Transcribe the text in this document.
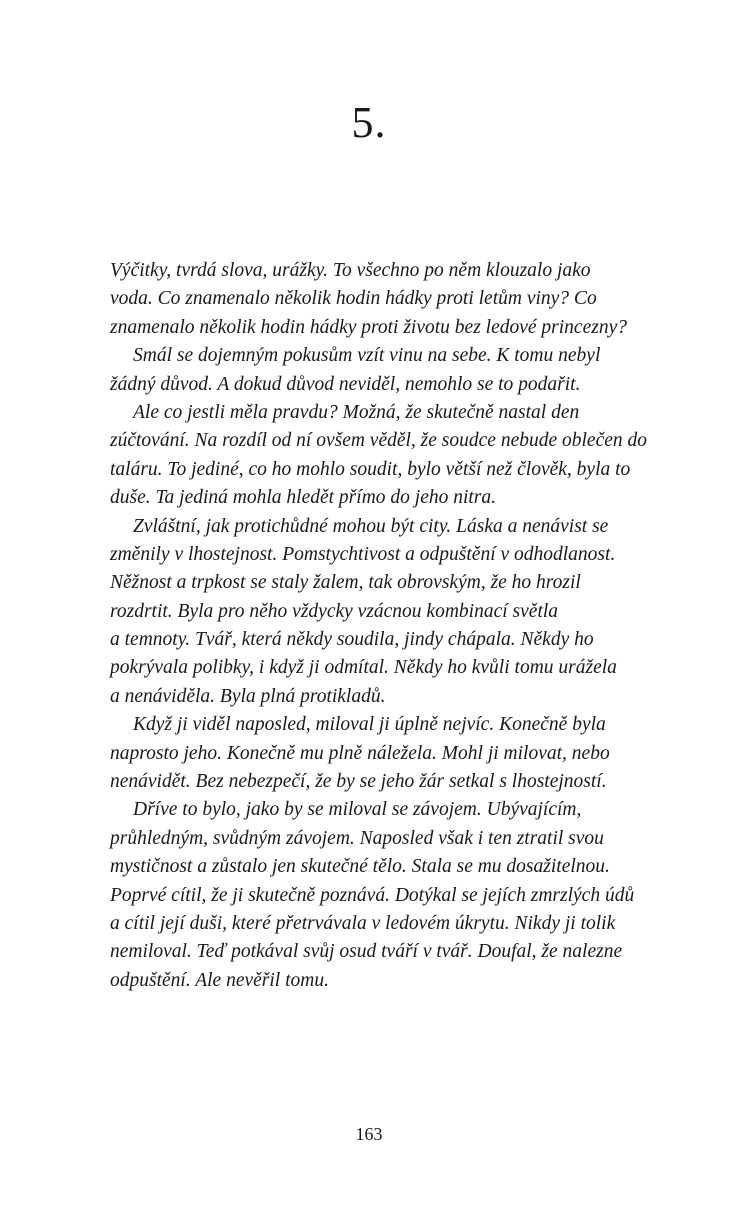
5.
Výčitky, tvrdá slova, urážky. To všechno po něm klouzalo jako
voda. Co znamenalo několik hodin hádky proti letům viny? Co
znamenalo několik hodin hádky proti životu bez ledové princezny?
Smál se dojemným pokusům vzít vinu na sebe. K tomu nebyl
žádný důvod. A dokud důvod neviděl, nemohlo se to podařit.
Ale co jestli měla pravdu? Možná, že skutečně nastal den
zúčtování. Na rozdíl od ní ovšem věděl, že soudce nebude oblečen do
taláru. To jediné, co ho mohlo soudit, bylo větší než člověk, byla to
duše. Ta jediná mohla hledět přímo do jeho nitra.
Zvláštní, jak protichůdné mohou být city. Láska a nenávist se
změnily v lhostejnost. Pomstychtivost a odpuštění v odhodlanost.
Něžnost a trpkost se staly žalem, tak obrovským, že ho hrozil
rozdrtit. Byla pro něho vždycky vzácnou kombinací světla
a temnoty. Tvář, která někdy soudila, jindy chápala. Někdy ho
pokrývala polibky, i když ji odmítal. Někdy ho kvůli tomu urážela
a nenáviděla. Byla plná protikladů.
Když ji viděl naposled, miloval ji úplně nejvíc. Konečně byla
naprosto jeho. Konečně mu plně náležela. Mohl ji milovat, nebo
nenávidět. Bez nebezpečí, že by se jeho žár setkal s lhostejností.
Dříve to bylo, jako by se miloval se závojem. Ubývajícím,
průhledným, svůdným závojem. Naposled však i ten ztratil svou
mystičnost a zůstalo jen skutečné tělo. Stala se mu dosažitelnou.
Poprvé cítil, že ji skutečně poznává. Dotýkal se jejích zmrzlých údů
a cítil její duši, které přetrvávala v ledovém úkrytu. Nikdy ji tolik
nemiloval. Teď potkával svůj osud tváří v tvář. Doufal, že nalezne
odpuštění. Ale nevěřil tomu.
163
